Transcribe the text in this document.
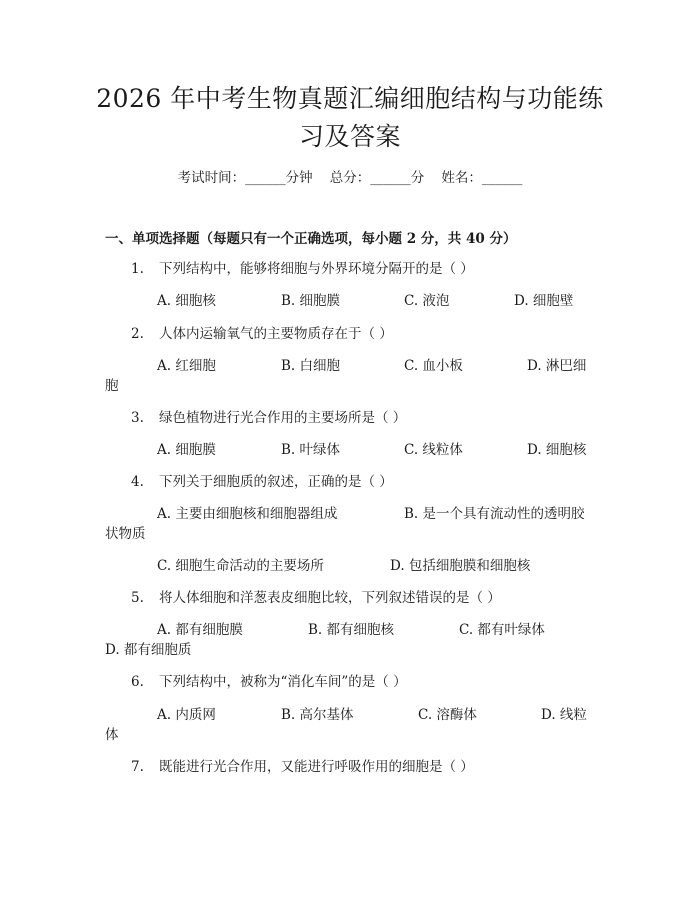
2026 年中考生物真题汇编细胞结构与功能练习及答案
考试时间：______分钟    总分：______分    姓名：______
一、单项选择题（每题只有一个正确选项，每小题 2 分，共 40 分）
1. 下列结构中，能够将细胞与外界环境分隔开的是（ ）
A. 细胞核	B. 细胞膜	C. 液泡	D. 细胞壁
2. 人体内运输氧气的主要物质存在于（ ）
A. 红细胞	B. 白细胞	C. 血小板	D. 淋巴细
胞
3. 绿色植物进行光合作用的主要场所是（ ）
A. 细胞膜	B. 叶绿体	C. 线粒体	D. 细胞核
4. 下列关于细胞质的叙述，正确的是（ ）
A. 主要由细胞核和细胞器组成	B. 是一个具有流动性的透明胶
状物质
C. 细胞生命活动的主要场所	D. 包括细胞膜和细胞核
5. 将人体细胞和洋葱表皮细胞比较，下列叙述错误的是（ ）
A. 都有细胞膜	B. 都有细胞核	C. 都有叶绿体
D. 都有细胞质
6. 下列结构中，被称为“消化车间”的是（ ）
A. 内质网	B. 高尔基体	C. 溶酶体	D. 线粒
体
7. 既能进行光合作用，又能进行呼吸作用的细胞是（ ）
